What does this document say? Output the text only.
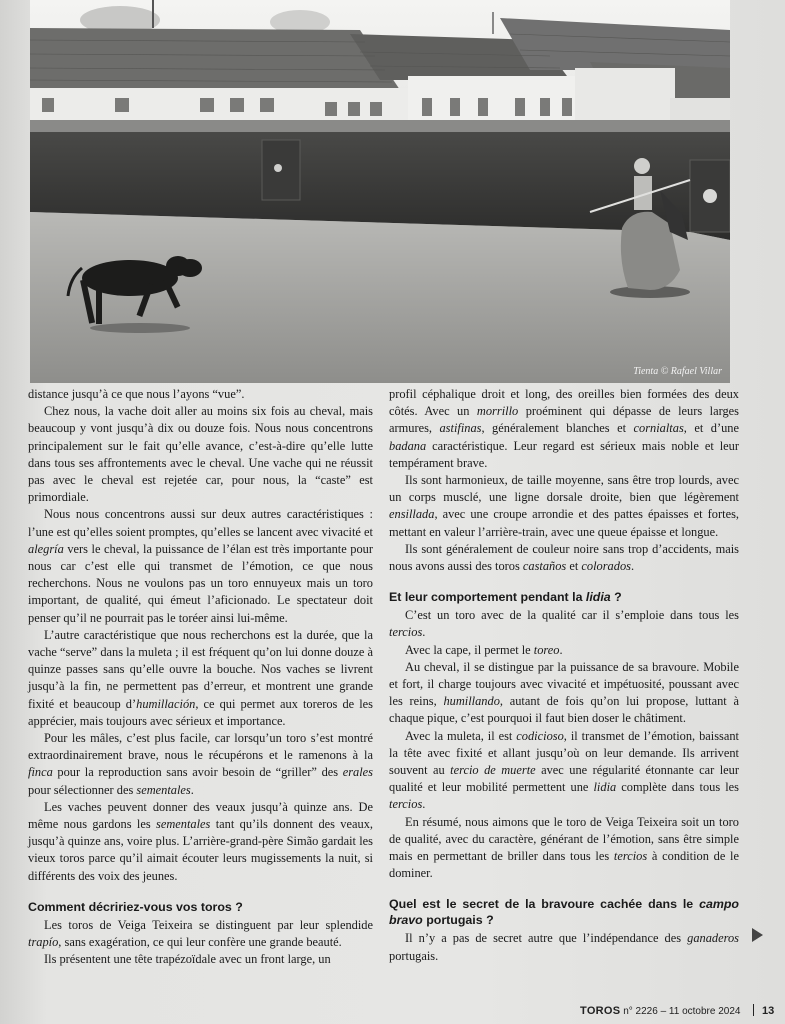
Tienta © Rafael Villar

distance jusqu’à ce que nous l’ayons “vue”.

Chez nous, la vache doit aller au moins six fois au cheval, mais beaucoup y vont jusqu’à dix ou douze fois. Nous nous concentrons principalement sur le fait qu’elle avance, c’est-à-dire qu’elle lutte dans tous ses affrontements avec le cheval. Une vache qui ne réussit pas avec le cheval est rejetée car, pour nous, la “caste” est primordiale.

Nous nous concentrons aussi sur deux autres caractéristiques : l’une est qu’elles soient promptes, qu’elles se lancent avec vivacité et alegría vers le cheval, la puissance de l’élan est très importante pour nous car c’est elle qui transmet de l’émotion, ce que nous recherchons. Nous ne voulons pas un toro ennuyeux mais un toro important, de qualité, qui émeut l’aficionado. Le spectateur doit penser qu’il ne pourrait pas le toréer ainsi lui-même.

L’autre caractéristique que nous recherchons est la durée, que la vache “serve” dans la muleta ; il est fréquent qu’on lui donne douze à quinze passes sans qu’elle ouvre la bouche. Nos vaches se livrent jusqu’à la fin, ne permettent pas d’erreur, et montrent une grande fixité et beaucoup d’humillación, ce qui permet aux toreros de les apprécier, mais toujours avec sérieux et importance.

Pour les mâles, c’est plus facile, car lorsqu’un toro s’est montré extraordinairement brave, nous le récupérons et le ramenons à la finca pour la reproduction sans avoir besoin de “griller” des erales pour sélectionner des sementales.

Les vaches peuvent donner des veaux jusqu’à quinze ans. De même nous gardons les sementales tant qu’ils donnent des veaux, jusqu’à quinze ans, voire plus. L’arrière-grand-père Simão gardait les vieux toros parce qu’il aimait écouter leurs mugissements la nuit, si différents des voix des jeunes.

Comment décririez-vous vos toros ?

Les toros de Veiga Teixeira se distinguent par leur splendide trapío, sans exagération, ce qui leur confère une grande beauté.

Ils présentent une tête trapézoïdale avec un front large, un

profil céphalique droit et long, des oreilles bien formées des deux côtés. Avec un morrillo proéminent qui dépasse de leurs larges armures, astifinas, généralement blanches et cornialtas, et d’une badana caractéristique. Leur regard est sérieux mais noble et leur tempérament brave.

Ils sont harmonieux, de taille moyenne, sans être trop lourds, avec un corps musclé, une ligne dorsale droite, bien que légèrement ensillada, avec une croupe arrondie et des pattes épaisses et fortes, mettant en valeur l’arrière-train, avec une queue épaisse et longue.

Ils sont généralement de couleur noire sans trop d’accidents, mais nous avons aussi des toros castaños et colorados.

Et leur comportement pendant la lidia ?

C’est un toro avec de la qualité car il s’emploie dans tous les tercios.

Avec la cape, il permet le toreo.

Au cheval, il se distingue par la puissance de sa bravoure. Mobile et fort, il charge toujours avec vivacité et impétuosité, poussant avec les reins, humillando, autant de fois qu’on lui propose, luttant à chaque pique, c’est pourquoi il faut bien doser le châtiment.

Avec la muleta, il est codicioso, il transmet de l’émotion, baissant la tête avec fixité et allant jusqu’où on leur demande. Ils arrivent souvent au tercio de muerte avec une régularité étonnante car leur qualité et leur mobilité permettent une lidia complète dans tous les tercios.

En résumé, nous aimons que le toro de Veiga Teixeira soit un toro de qualité, avec du caractère, générant de l’émotion, sans être simple mais en permettant de briller dans tous les tercios à condition de le dominer.

Quel est le secret de la bravoure cachée dans le campo bravo portugais ?

Il n’y a pas de secret autre que l’indépendance des ganaderos portugais.

TOROS n° 2226 – 11 octobre 2024 13
